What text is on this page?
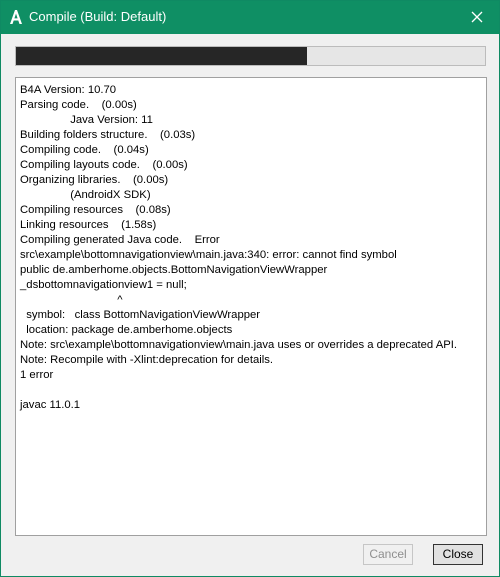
Compile (Build: Default)
B4A Version: 10.70
Parsing code.    (0.00s)
Java Version: 11
Building folders structure.    (0.03s)
Compiling code.    (0.04s)
Compiling layouts code.    (0.00s)
Organizing libraries.    (0.00s)
(AndroidX SDK)
Compiling resources    (0.08s)
Linking resources    (1.58s)
Compiling generated Java code.    Error
src\example\bottomnavigationview\main.java:340: error: cannot find symbol
public de.amberhome.objects.BottomNavigationViewWrapper
_dsbottomnavigationview1 = null;
^
symbol:   class BottomNavigationViewWrapper
location: package de.amberhome.objects
Note: src\example\bottomnavigationview\main.java uses or overrides a deprecated API.
Note: Recompile with -Xlint:deprecation for details.
1 error
javac 11.0.1
Cancel	Close
